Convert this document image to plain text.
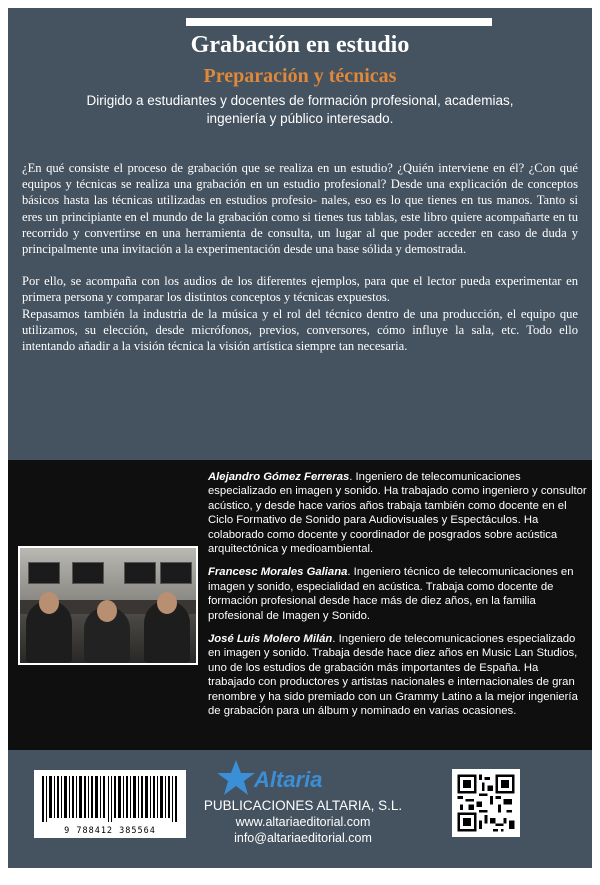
Grabación en estudio
Preparación y técnicas
Dirigido a estudiantes y docentes de formación profesional, academias, ingeniería y público interesado.

¿En qué consiste el proceso de grabación que se realiza en un estudio? ¿Quién interviene en él? ¿Con qué equipos y técnicas se realiza una grabación en un estudio profesional? Desde una explicación de conceptos básicos hasta las técnicas utilizadas en estudios profesio- nales, eso es lo que tienes en tus manos. Tanto si eres un principiante en el mundo de la grabación como si tienes tus tablas, este libro quiere acompañarte en tu recorrido y convertirse en una herramienta de consulta, un lugar al que poder acceder en caso de duda y principalmente una invitación a la experimentación desde una base sólida y demostrada.

Por ello, se acompaña con los audios de los diferentes ejemplos, para que el lector pueda experimentar en primera persona y comparar los distintos conceptos y técnicas expuestos.

Repasamos también la industria de la música y el rol del técnico dentro de una producción, el equipo que utilizamos, su elección, desde micrófonos, previos, conversores, cómo influye la sala, etc. Todo ello intentando añadir a la visión técnica la visión artística siempre tan necesaria.

Alejandro Gómez Ferreras. Ingeniero de telecomunicaciones especializado en imagen y sonido. Ha trabajado como ingeniero y consultor acústico, y desde hace varios años trabaja también como docente en el Ciclo Formativo de Sonido para Audiovisuales y Espectáculos. Ha colaborado como docente y coordinador de posgrados sobre acústica arquitectónica y medioambiental.

Francesc Morales Galiana. Ingeniero técnico de telecomunicaciones en imagen y sonido, especialidad en acústica. Trabaja como docente de formación profesional desde hace más de diez años, en la familia profesional de Imagen y Sonido.

José Luis Molero Milán. Ingeniero de telecomunicaciones especializado en imagen y sonido. Trabaja desde hace diez años en Music Lan Studios, uno de los estudios de grabación más importantes de España. Ha trabajado con productores y artistas nacionales e internacionales de gran renombre y ha sido premiado con un Grammy Latino a la mejor ingeniería de grabación para un álbum y nominado en varias ocasiones.

9 788412 385564
Altaria
PUBLICACIONES ALTARIA, S.L.
www.altariaeditorial.com
info@altariaeditorial.com
